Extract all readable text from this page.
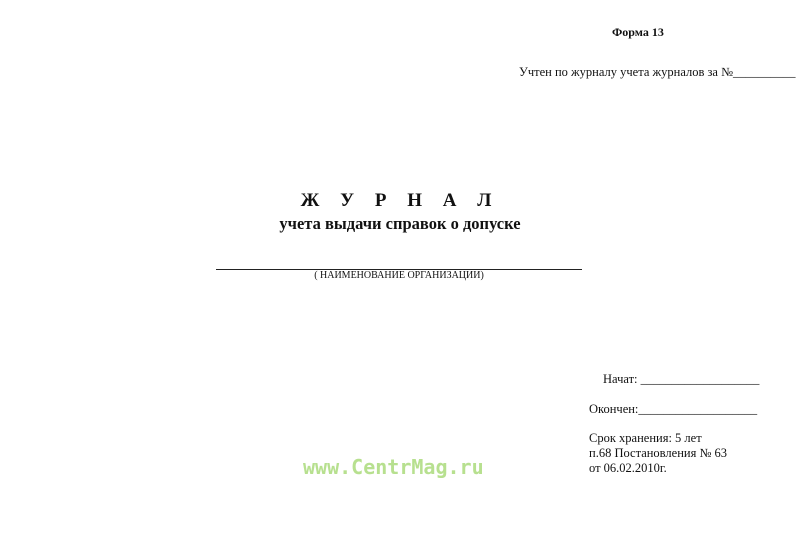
Форма 13
Учтен по журналу учета журналов за №__________
Ж У Р Н А Л
учета выдачи справок о допуске
( НАИМЕНОВАНИЕ ОРГАНИЗАЦИИ)
Начат: ___________________
Окончен:___________________
Срок хранения: 5 лет
п.68 Постановления № 63
от 06.02.2010г.
www.CentrMag.ru
